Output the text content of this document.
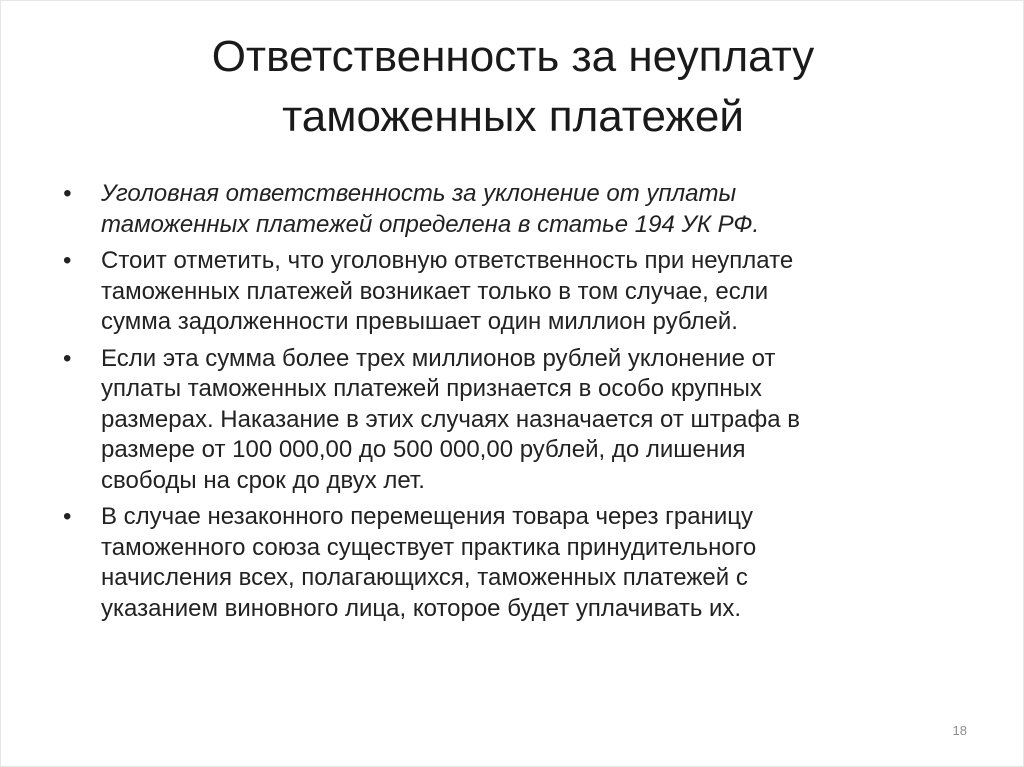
Ответственность за неуплату
таможенных платежей
• Уголовная ответственность за уклонение от уплаты
таможенных платежей определена в статье 194 УК РФ.
• Стоит отметить, что уголовную ответственность при неуплате
таможенных платежей возникает только в том случае, если
сумма задолженности превышает один миллион рублей.
• Если эта сумма более трех миллионов рублей уклонение от
уплаты таможенных платежей признается в особо крупных
размерах. Наказание в этих случаях назначается от штрафа в
размере от 100 000,00 до 500 000,00 рублей, до лишения
свободы на срок до двух лет.
• В случае незаконного перемещения товара через границу
таможенного союза существует практика принудительного
начисления всех, полагающихся, таможенных платежей с
указанием виновного лица, которое будет уплачивать их.
18
